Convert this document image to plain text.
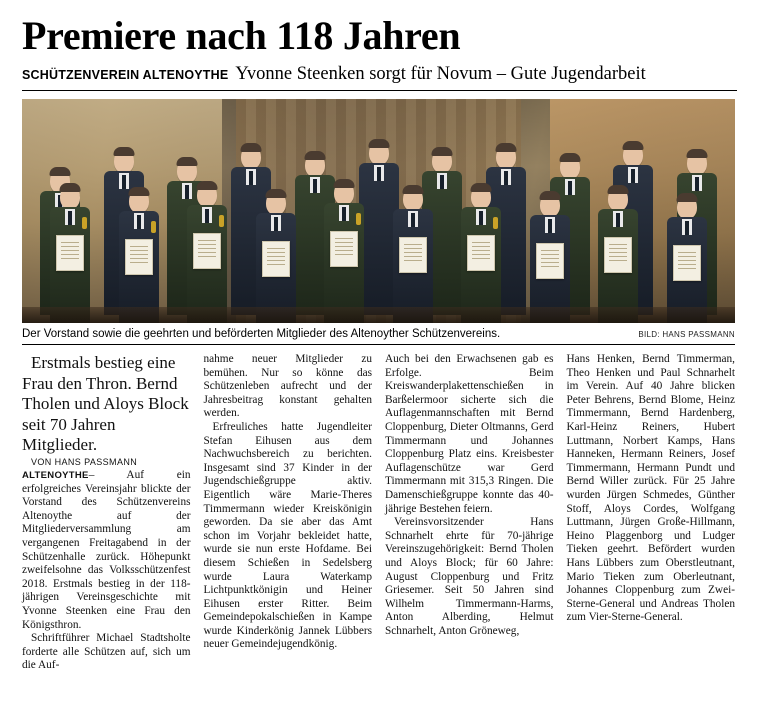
Premiere nach 118 Jahren
SCHÜTZENVEREIN ALTENOYTHE Yvonne Steenken sorgt für Novum – Gute Jugendarbeit
Der Vorstand sowie die geehrten und beförderten Mitglieder des Altenoyther Schützenvereins.	BILD: HANS PASSMANN

Erstmals bestieg eine Frau den Thron. Bernd Tholen und Aloys Block seit 70 Jahren Mitglieder.

VON HANS PASSMANN

ALTENOYTHE– Auf ein erfolgreiches Vereinsjahr blickte der Vorstand des Schützenvereins Altenoythe auf der Mitgliederversammlung am vergangenen Freitagabend in der Schützenhalle zurück. Höhepunkt zweifelsohne das Volksschützenfest 2018. Erstmals bestieg in der 118-jährigen Vereinsgeschichte mit Yvonne Steenken eine Frau den Königsthron.

Schriftführer Michael Stadtsholte forderte alle Schützen auf, sich um die Auf-

nahme neuer Mitglieder zu bemühen. Nur so könne das Schützenleben aufrecht und der Jahresbeitrag konstant gehalten werden.

Erfreuliches hatte Jugendleiter Stefan Eihusen aus dem Nachwuchsbereich zu berichten. Insgesamt sind 37 Kinder in der Jugendschießgruppe aktiv. Eigentlich wäre Marie-Theres Timmermann wieder Kreiskönigin geworden. Da sie aber das Amt schon im Vorjahr bekleidet hatte, wurde sie nun erste Hofdame. Bei diesem Schießen in Sedelsberg wurde Laura Waterkamp Lichtpunktkönigin und Heiner Eihusen erster Ritter. Beim Gemeindepokalschießen in Kampe wurde Kinderkönig Jannek Lübbers neuer Gemeindejugendkönig.

Auch bei den Erwachsenen gab es Erfolge. Beim Kreiswanderplakettenschießen in Barßelermoor sicherte sich die Auflagenmannschaften mit Bernd Cloppenburg, Dieter Oltmanns, Gerd Timmermann und Johannes Cloppenburg Platz eins. Kreisbester Auflagenschütze war Gerd Timmermann mit 315,3 Ringen. Die Damenschießgruppe konnte das 40-jährige Bestehen feiern.

Vereinsvorsitzender Hans Schnarhelt ehrte für 70-jährige Vereinszugehörigkeit: Bernd Tholen und Aloys Block; für 60 Jahre: August Cloppenburg und Fritz Griesemer. Seit 50 Jahren sind Wilhelm Timmermann-Harms, Anton Alberding, Helmut Schnarhelt, Anton Gröneweg,

Hans Henken, Bernd Timmerman, Theo Henken und Paul Schnarhelt im Verein. Auf 40 Jahre blicken Peter Behrens, Bernd Blome, Heinz Timmermann, Bernd Hardenberg, Karl-Heinz Reiners, Hubert Luttmann, Norbert Kamps, Hans Hanneken, Hermann Reiners, Josef Timmermann, Hermann Pundt und Bernd Willer zurück. Für 25 Jahre wurden Jürgen Schmedes, Günther Stoff, Aloys Cordes, Wolfgang Luttmann, Jürgen Große-Hillmann, Heino Plaggenborg und Ludger Tieken geehrt. Befördert wurden Hans Lübbers zum Oberstleutnant, Mario Tieken zum Oberleutnant, Johannes Cloppenburg zum Zwei-Sterne-General und Andreas Tholen zum Vier-Sterne-General.
